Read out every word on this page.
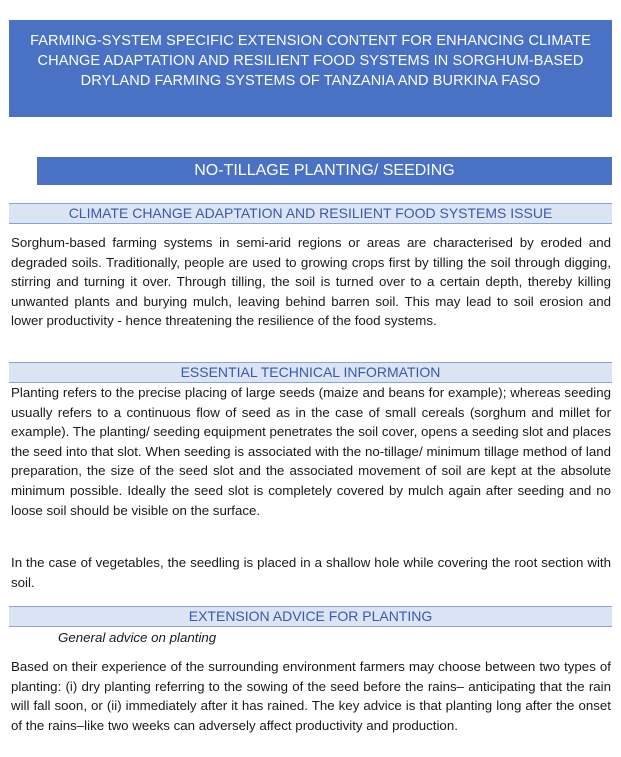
FARMING-SYSTEM SPECIFIC EXTENSION CONTENT FOR ENHANCING CLIMATE
CHANGE ADAPTATION AND RESILIENT FOOD SYSTEMS IN SORGHUM-BASED
DRYLAND FARMING SYSTEMS OF TANZANIA AND BURKINA FASO
NO-TILLAGE PLANTING/ SEEDING
CLIMATE CHANGE ADAPTATION AND RESILIENT FOOD SYSTEMS ISSUE

Sorghum-based farming systems in semi-arid regions or areas are characterised by eroded and degraded soils. Traditionally, people are used to growing crops first by tilling the soil through digging, stirring and turning it over. Through tilling, the soil is turned over to a certain depth, thereby killing unwanted plants and burying mulch, leaving behind barren soil. This may lead to soil erosion and lower productivity - hence threatening the resilience of the food systems.

ESSENTIAL TECHNICAL INFORMATION

Planting refers to the precise placing of large seeds (maize and beans for example); whereas seeding usually refers to a continuous flow of seed as in the case of small cereals (sorghum and millet for example). The planting/ seeding equipment penetrates the soil cover, opens a seeding slot and places the seed into that slot. When seeding is associated with the no-tillage/ minimum tillage method of land preparation, the size of the seed slot and the associated movement of soil are kept at the absolute minimum possible. Ideally the seed slot is completely covered by mulch again after seeding and no loose soil should be visible on the surface.

In the case of vegetables, the seedling is placed in a shallow hole while covering the root section with soil.

EXTENSION ADVICE FOR PLANTING
General advice on planting

Based on their experience of the surrounding environment farmers may choose between two types of planting: (i) dry planting referring to the sowing of the seed before the rains– anticipating that the rain will fall soon, or (ii) immediately after it has rained. The key advice is that planting long after the onset of the rains–like two weeks can adversely affect productivity and production.
